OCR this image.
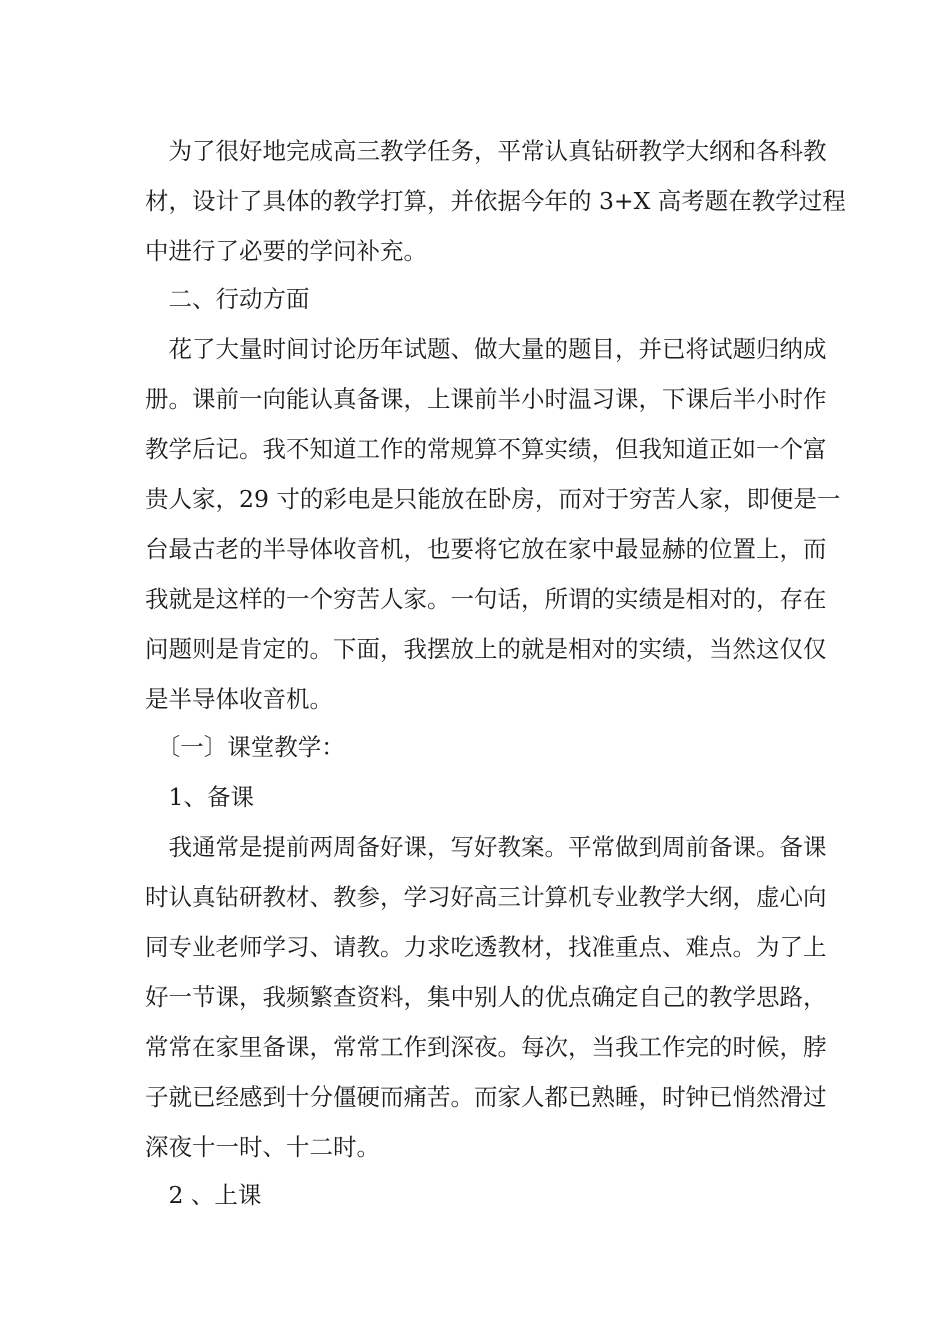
　为了很好地完成高三教学任务，平常认真钻研教学大纲和各科教
材，设计了具体的教学打算，并依据今年的 3+X 高考题在教学过程
中进行了必要的学问补充。
　二、行动方面
　花了大量时间讨论历年试题、做大量的题目，并已将试题归纳成
册。课前一向能认真备课，上课前半小时温习课，下课后半小时作
教学后记。我不知道工作的常规算不算实绩，但我知道正如一个富
贵人家，29 寸的彩电是只能放在卧房，而对于穷苦人家，即便是一
台最古老的半导体收音机，也要将它放在家中最显赫的位置上，而
我就是这样的一个穷苦人家。一句话，所谓的实绩是相对的，存在
问题则是肯定的。下面，我摆放上的就是相对的实绩，当然这仅仅
是半导体收音机。
　〔一〕课堂教学：
　1、备课
　我通常是提前两周备好课，写好教案。平常做到周前备课。备课
时认真钻研教材、教参，学习好高三计算机专业教学大纲，虚心向
同专业老师学习、请教。力求吃透教材，找准重点、难点。为了上
好一节课，我频繁查资料，集中别人的优点确定自己的教学思路，
常常在家里备课，常常工作到深夜。每次，当我工作完的时候，脖
子就已经感到十分僵硬而痛苦。而家人都已熟睡，时钟已悄然滑过
深夜十一时、十二时。
　2 、上课
